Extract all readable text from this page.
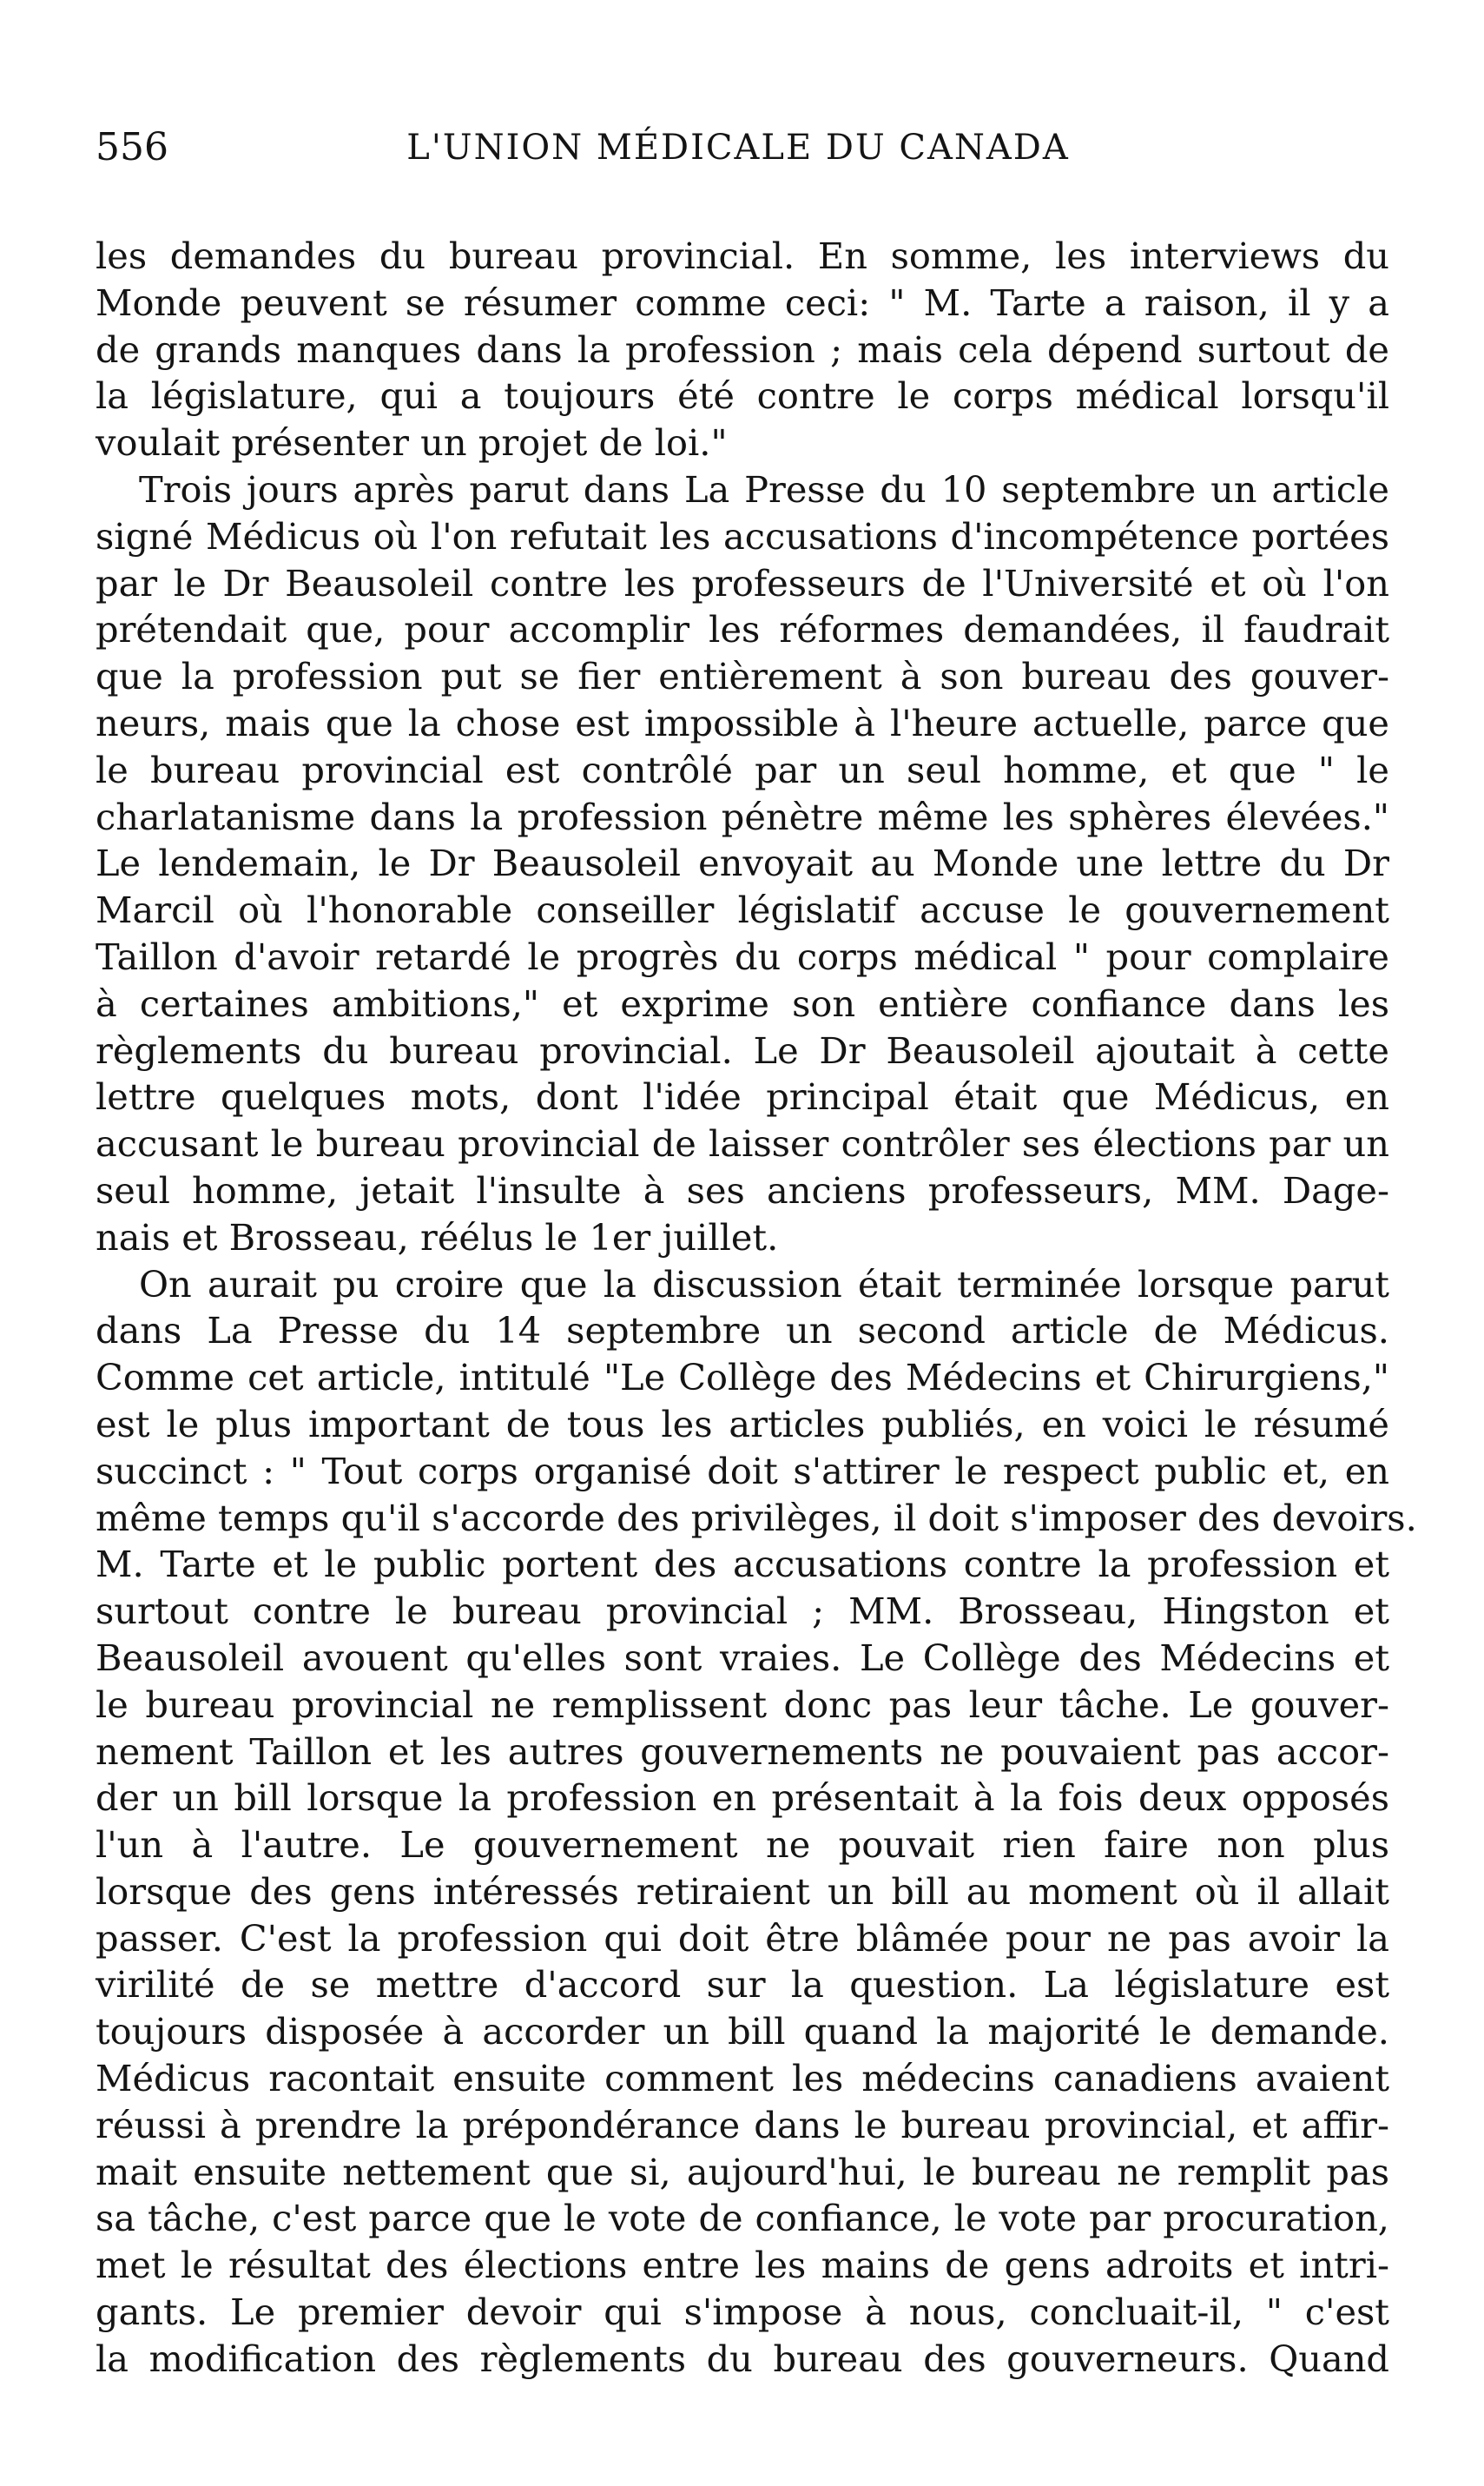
556	L'UNION MÉDICALE DU CANADA
les demandes du bureau provincial. En somme, les interviews du
Monde peuvent se résumer comme ceci: " M. Tarte a raison, il y a
de grands manques dans la profession ; mais cela dépend surtout de
la législature, qui a toujours été contre le corps médical lorsqu'il
voulait présenter un projet de loi."
Trois jours après parut dans La Presse du 10 septembre un article
signé Médicus où l'on refutait les accusations d'incompétence portées
par le Dr Beausoleil contre les professeurs de l'Université et où l'on
prétendait que, pour accomplir les réformes demandées, il faudrait
que la profession put se fier entièrement à son bureau des gouver-
neurs, mais que la chose est impossible à l'heure actuelle, parce que
le bureau provincial est contrôlé par un seul homme, et que " le
charlatanisme dans la profession pénètre même les sphères élevées."
Le lendemain, le Dr Beausoleil envoyait au Monde une lettre du Dr
Marcil où l'honorable conseiller législatif accuse le gouvernement
Taillon d'avoir retardé le progrès du corps médical " pour complaire
à certaines ambitions," et exprime son entière confiance dans les
règlements du bureau provincial. Le Dr Beausoleil ajoutait à cette
lettre quelques mots, dont l'idée principal était que Médicus, en
accusant le bureau provincial de laisser contrôler ses élections par un
seul homme, jetait l'insulte à ses anciens professeurs, MM. Dage-
nais et Brosseau, réélus le 1er juillet.
On aurait pu croire que la discussion était terminée lorsque parut
dans La Presse du 14 septembre un second article de Médicus.
Comme cet article, intitulé "Le Collège des Médecins et Chirurgiens,"
est le plus important de tous les articles publiés, en voici le résumé
succinct : " Tout corps organisé doit s'attirer le respect public et, en
même temps qu'il s'accorde des privilèges, il doit s'imposer des devoirs.
M. Tarte et le public portent des accusations contre la profession et
surtout contre le bureau provincial ; MM. Brosseau, Hingston et
Beausoleil avouent qu'elles sont vraies. Le Collège des Médecins et
le bureau provincial ne remplissent donc pas leur tâche. Le gouver-
nement Taillon et les autres gouvernements ne pouvaient pas accor-
der un bill lorsque la profession en présentait à la fois deux opposés
l'un à l'autre. Le gouvernement ne pouvait rien faire non plus
lorsque des gens intéressés retiraient un bill au moment où il allait
passer. C'est la profession qui doit être blâmée pour ne pas avoir la
virilité de se mettre d'accord sur la question. La législature est
toujours disposée à accorder un bill quand la majorité le demande.
Médicus racontait ensuite comment les médecins canadiens avaient
réussi à prendre la prépondérance dans le bureau provincial, et affir-
mait ensuite nettement que si, aujourd'hui, le bureau ne remplit pas
sa tâche, c'est parce que le vote de confiance, le vote par procuration,
met le résultat des élections entre les mains de gens adroits et intri-
gants. Le premier devoir qui s'impose à nous, concluait-il, " c'est
la modification des règlements du bureau des gouverneurs. Quand
